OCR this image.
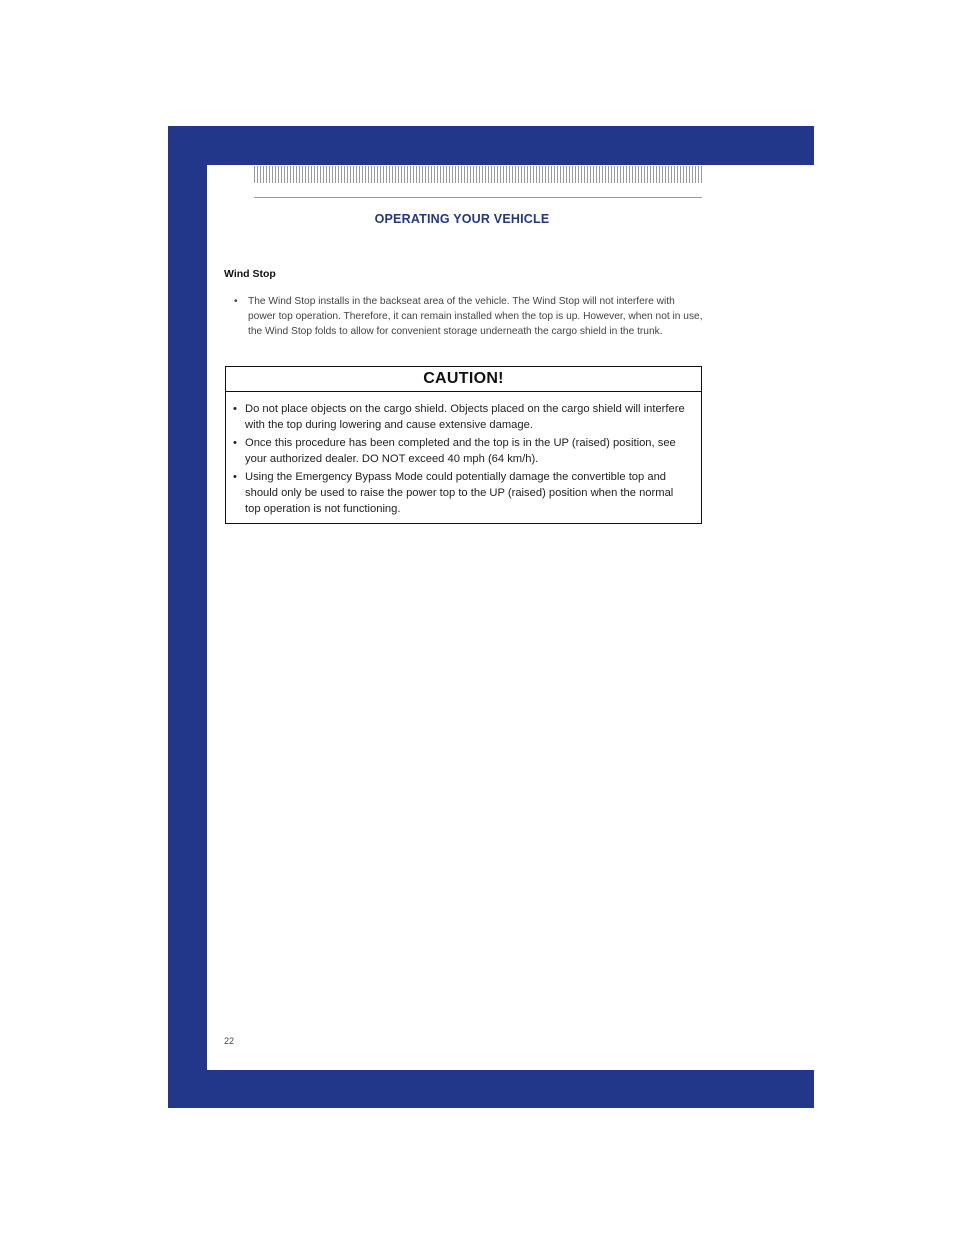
OPERATING YOUR VEHICLE
Wind Stop
• The Wind Stop installs in the backseat area of the vehicle. The Wind Stop will not interfere with power top operation. Therefore, it can remain installed when the top is up. However, when not in use, the Wind Stop folds to allow for convenient storage underneath the cargo shield in the trunk.
CAUTION!
• Do not place objects on the cargo shield. Objects placed on the cargo shield will interfere with the top during lowering and cause extensive damage.
• Once this procedure has been completed and the top is in the UP (raised) position, see your authorized dealer. DO NOT exceed 40 mph (64 km/h).
• Using the Emergency Bypass Mode could potentially damage the convertible top and should only be used to raise the power top to the UP (raised) position when the normal top operation is not functioning.
22
